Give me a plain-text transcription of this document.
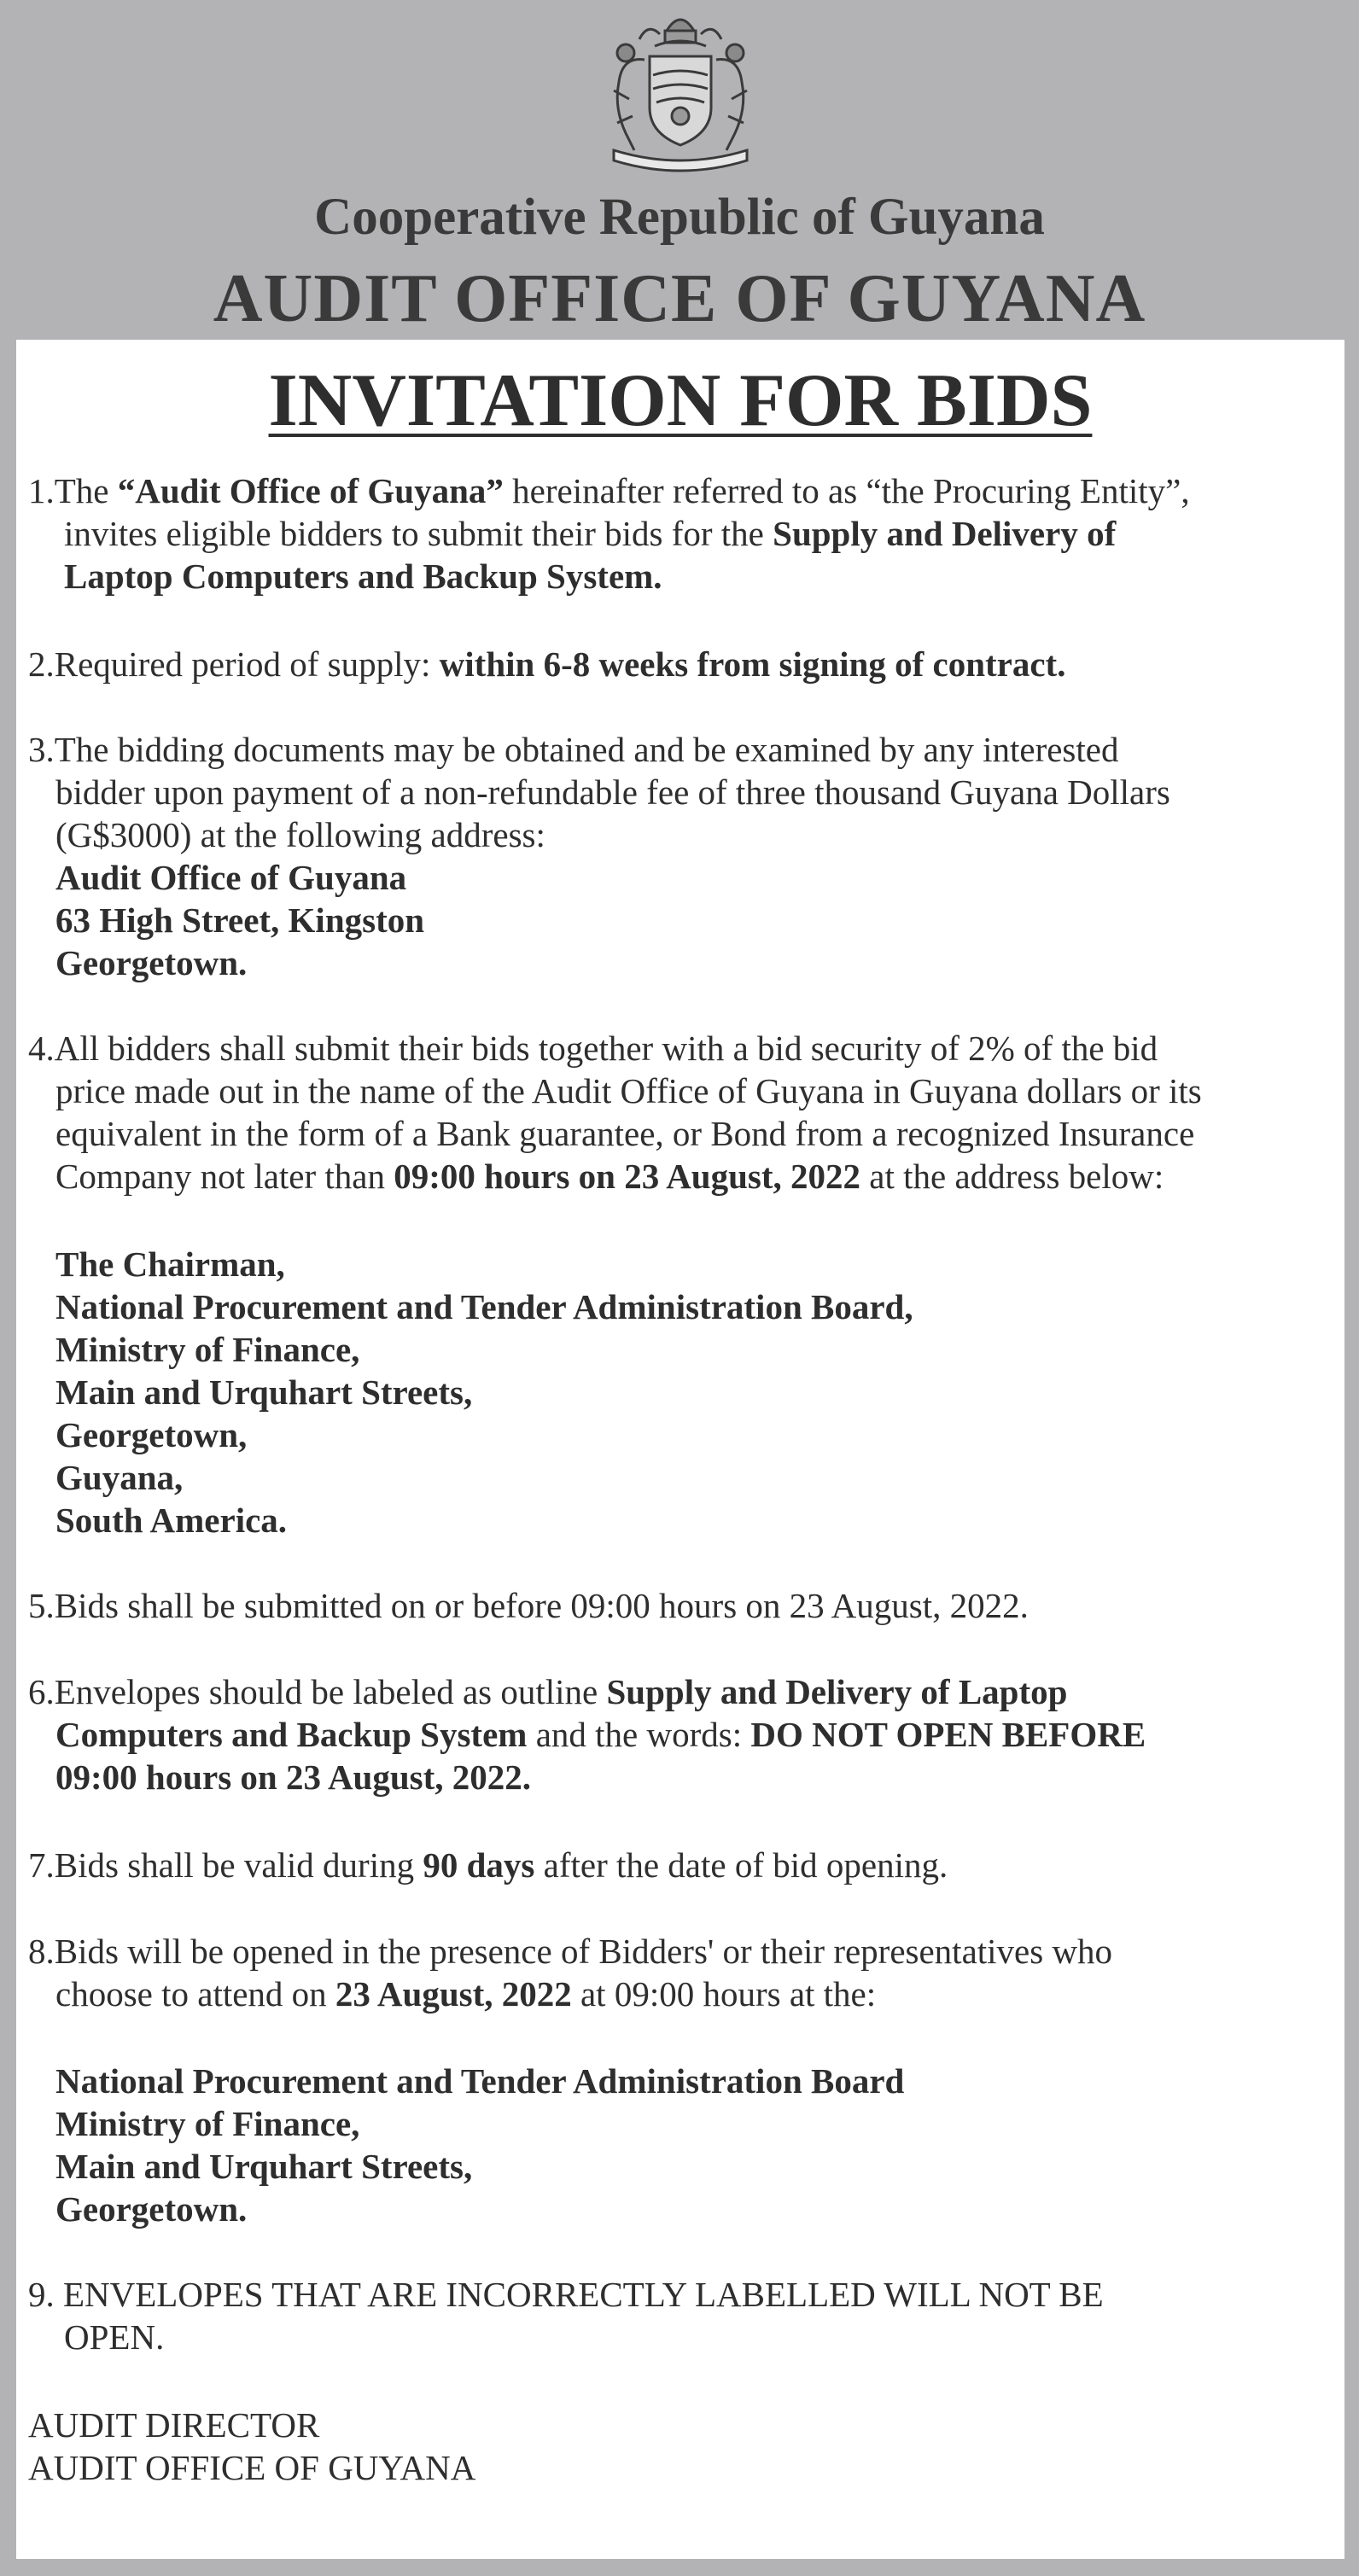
Cooperative Republic of Guyana
AUDIT OFFICE OF GUYANA
INVITATION FOR BIDS
1.The “Audit Office of Guyana” hereinafter referred to as “the Procuring Entity”,
invites eligible bidders to submit their bids for the Supply and Delivery of
Laptop Computers and Backup System.
2.Required period of supply: within 6-8 weeks from signing of contract.
3.The bidding documents may be obtained and be examined by any interested
bidder upon payment of a non-refundable fee of three thousand Guyana Dollars
(G$3000) at the following address:
Audit Office of Guyana
63 High Street, Kingston
Georgetown.
4.All bidders shall submit their bids together with a bid security of 2% of the bid
price made out in the name of the Audit Office of Guyana in Guyana dollars or its
equivalent in the form of a Bank guarantee, or Bond from a recognized Insurance
Company not later than 09:00 hours on 23 August, 2022 at the address below:
The Chairman,
National Procurement and Tender Administration Board,
Ministry of Finance,
Main and Urquhart Streets,
Georgetown,
Guyana,
South America.
5.Bids shall be submitted on or before 09:00 hours on 23 August, 2022.
6.Envelopes should be labeled as outline Supply and Delivery of Laptop
Computers and Backup System and the words: DO NOT OPEN BEFORE
09:00 hours on 23 August, 2022.
7.Bids shall be valid during 90 days after the date of bid opening.
8.Bids will be opened in the presence of Bidders' or their representatives who
choose to attend on 23 August, 2022 at 09:00 hours at the:
National Procurement and Tender Administration Board
Ministry of Finance,
Main and Urquhart Streets,
Georgetown.
9. ENVELOPES THAT ARE INCORRECTLY LABELLED WILL NOT BE
OPEN.
AUDIT DIRECTOR
AUDIT OFFICE OF GUYANA
